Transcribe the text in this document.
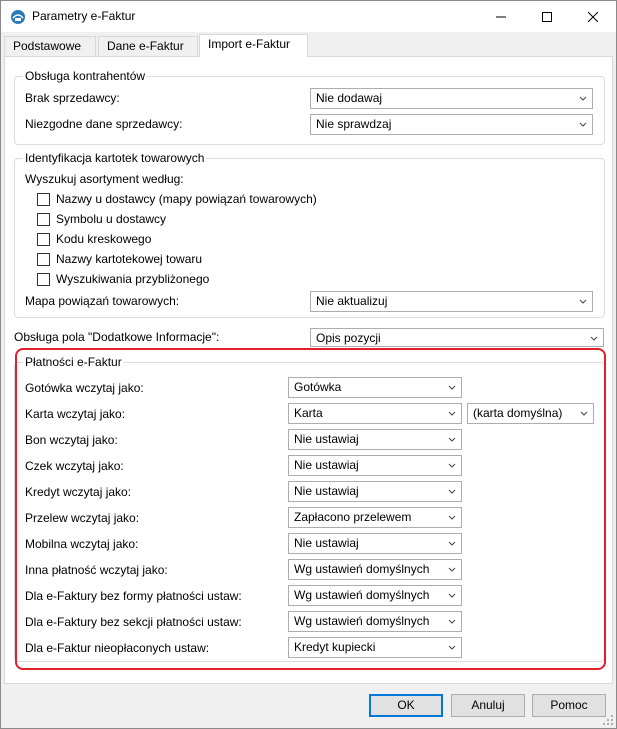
Parametry e-Faktur
Podstawowe	Dane e-Faktur	Import e-Faktur
Obsługa kontrahentów
Brak sprzedawcy:	Nie dodawaj
Niezgodne dane sprzedawcy:	Nie sprawdzaj
Identyfikacja kartotek towarowych
Wyszukuj asortyment według:
Nazwy u dostawcy (mapy powiązań towarowych)
Symbolu u dostawcy
Kodu kreskowego
Nazwy kartotekowej towaru
Wyszukiwania przybliżonego
Mapa powiązań towarowych:	Nie aktualizuj
Obsługa pola "Dodatkowe Informacje":	Opis pozycji
Płatności e-Faktur
Gotówka wczytaj jako:	Gotówka
Karta wczytaj jako:	Karta	(karta domyślna)
Bon wczytaj jako:	Nie ustawiaj
Czek wczytaj jako:	Nie ustawiaj
Kredyt wczytaj jako:	Nie ustawiaj
Przelew wczytaj jako:	Zapłacono przelewem
Mobilna wczytaj jako:	Nie ustawiaj
Inna płatność wczytaj jako:	Wg ustawień domyślnych
Dla e-Faktury bez formy płatności ustaw:	Wg ustawień domyślnych
Dla e-Faktury bez sekcji płatności ustaw:	Wg ustawień domyślnych
Dla e-Faktur nieopłaconych ustaw:	Kredyt kupiecki
OK	Anuluj	Pomoc
